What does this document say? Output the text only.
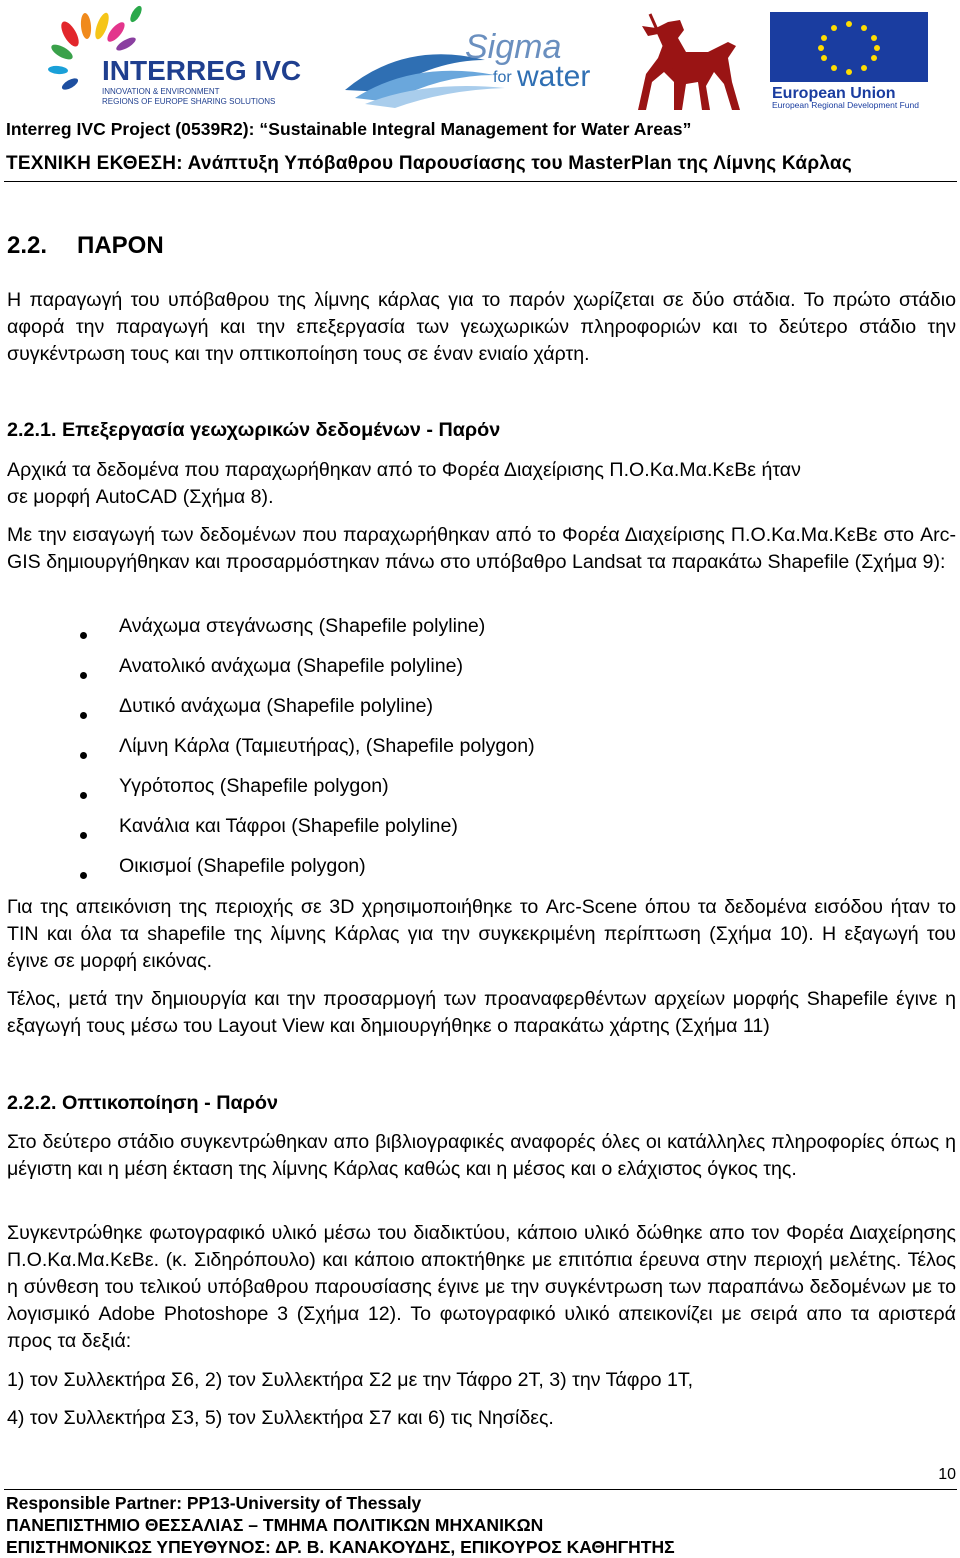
INTERREG IVC
INNOVATION & ENVIRONMENT
REGIONS OF EUROPE SHARING SOLUTIONS
Sigma
for water
European Union
European Regional Development Fund
Interreg IVC Project (0539R2): “Sustainable Integral Management for Water Areas”
ΤΕΧΝΙΚΗ ΕΚΘΕΣΗ: Ανάπτυξη Υπόβαθρου Παρουσίασης του MasterPlan της Λίμνης Κάρλας
2.2. ΠΑΡΟΝ

Η παραγωγή του υπόβαθρου της λίμνης κάρλας για το παρόν χωρίζεται σε δύο στάδια. Το πρώτο στάδιο αφορά την παραγωγή και την επεξεργασία των γεωχωρικών πληροφοριών και το δεύτερο στάδιο την συγκέντρωση τους και την οπτικοποίηση τους σε έναν ενιαίο χάρτη.

2.2.1. Επεξεργασία γεωχωρικών δεδομένων - Παρόν
Αρχικά τα δεδομένα που παραχωρήθηκαν από το Φορέα Διαχείρισης Π.Ο.Κα.Μα.ΚεΒε ήταν
σε μορφή AutoCAD (Σχήμα 8).

Με την εισαγωγή των δεδομένων που παραχωρήθηκαν από το Φορέα Διαχείρισης Π.Ο.Κα.Μα.ΚεΒε στο Arc-GIS δημιουργήθηκαν και προσαρμόστηκαν πάνω στο υπόβαθρο Landsat τα παρακάτω Shapefile (Σχήμα 9):

Ανάχωμα στεγάνωσης (Shapefile polyline)
Ανατολικό ανάχωμα (Shapefile polyline)
Δυτικό ανάχωμα (Shapefile polyline)
Λίμνη Κάρλα (Ταμιευτήρας), (Shapefile polygon)
Υγρότοπος (Shapefile polygon)
Κανάλια και Τάφροι (Shapefile polyline)
Οικισμοί (Shapefile polygon)

Για της απεικόνιση της περιοχής σε 3D χρησιμοποιήθηκε το Arc-Scene όπου τα δεδομένα εισόδου ήταν το TIN και όλα τα shapefile της λίμνης Κάρλας για την συγκεκριμένη περίπτωση (Σχήμα 10). Η εξαγωγή του έγινε σε μορφή εικόνας.

Τέλος, μετά την δημιουργία και την προσαρμογή των προαναφερθέντων αρχείων μορφής Shapefile έγινε η εξαγωγή τους μέσω του Layout View και δημιουργήθηκε ο παρακάτω χάρτης (Σχήμα 11)

2.2.2. Οπτικοποίηση - Παρόν

Στο δεύτερο στάδιο συγκεντρώθηκαν απο βιβλιογραφικές αναφορές όλες οι κατάλληλες πληροφορίες όπως η μέγιστη και η μέση έκταση της λίμνης Κάρλας καθώς και η μέσος και ο ελάχιστος όγκος της.

Συγκεντρώθηκε φωτογραφικό υλικό μέσω του διαδικτύου, κάποιο υλικό δώθηκε απο τον Φορέα Διαχείρησης Π.Ο.Κα.Μα.ΚεΒε. (κ. Σιδηρόπουλο) και κάποιο αποκτήθηκε με επιτόπια έρευνα στην περιοχή μελέτης. Τέλος η σύνθεση του τελικού υπόβαθρου παρουσίασης έγινε με την συγκέντρωση των παραπάνω δεδομένων με το λογισμικό Adobe Photoshope 3 (Σχήμα 12). Το φωτογραφικό υλικό απεικονίζει με σειρά απο τα αριστερά προς τα δεξιά:

1) τον Συλλεκτήρα Σ6, 2) τον Συλλεκτήρα Σ2 με την Τάφρο 2Τ, 3) την Τάφρο 1Τ,
4) τον Συλλεκτήρα Σ3, 5) τον Συλλεκτήρα Σ7 και 6) τις Νησίδες.
10
Responsible Partner: PP13-University of Thessaly
ΠΑΝΕΠΙΣΤΗΜΙΟ ΘΕΣΣΑΛΙΑΣ – ΤΜΗΜΑ ΠΟΛΙΤΙΚΩΝ ΜΗΧΑΝΙΚΩΝ
ΕΠΙΣΤΗΜΟΝΙΚΩΣ ΥΠΕΥΘΥΝΟΣ: ΔΡ. Β. ΚΑΝΑΚΟΥΔΗΣ, ΕΠΙΚΟΥΡΟΣ ΚΑΘΗΓΗΤΗΣ
